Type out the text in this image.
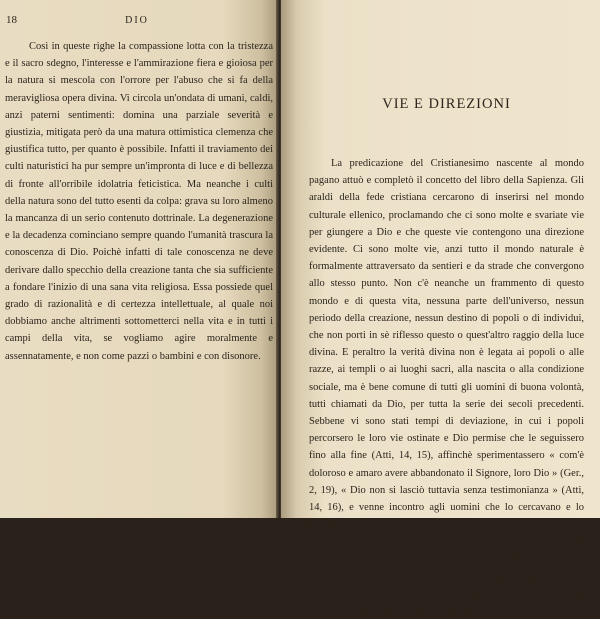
18	DIO

Così in queste righe la compassione lotta con la tristezza e il sacro sdegno, l'interesse e l'ammirazione fiera e gioiosa per la natura si mescola con l'orrore per l'abuso che si fa della meravigliosa opera divina. Vi circola un'ondata di umani, caldi, anzi paterni sentimenti: domina una parziale severità e giustizia, mitigata però da una matura ottimistica clemenza che giustifica tutto, per quanto è possibile. Infatti il traviamento dei culti naturistici ha pur sempre un'impronta di luce e di bellezza di fronte all'orribile idolatria feticistica. Ma neanche i culti della natura sono del tutto esenti da colpa: grava su loro almeno la mancanza di un serio contenuto dottrinale. La degenerazione e la decadenza cominciano sempre quando l'umanità trascura la conoscenza di Dio. Poichè infatti di tale conoscenza ne deve derivare dallo specchio della creazione tanta che sia sufficiente a fondare l'inizio di una sana vita religiosa. Essa possiede quel grado di razionalità e di certezza intellettuale, al quale noi dobbiamo anche altrimenti sottometterci nella vita e in tutti i campi della vita, se vogliamo agire moralmente e assennatamente, e non come pazzi o bambini e con disonore.

VIE E DIREZIONI

La predicazione del Cristianesimo nascente al mondo pagano attuò e completò il concetto del libro della Sapienza. Gli araldi della fede cristiana cercarono di inserirsi nel mondo culturale ellenico, proclamando che ci sono molte e svariate vie per giungere a Dio e che queste vie contengono una direzione evidente. Ci sono molte vie, anzi tutto il mondo naturale è formalmente attraversato da sentieri e da strade che convergono allo stesso punto. Non c'è neanche un frammento di questo mondo e di questa vita, nessuna parte dell'universo, nessun periodo della creazione, nessun destino di popoli o di individui, che non porti in sè riflesso questo o quest'altro raggio della luce divina. E peraltro la verità divina non è legata ai popoli o alle razze, ai templi o ai luoghi sacri, alla nascita o alla condizione sociale, ma è bene comune di tutti gli uomini di buona volontà, tutti chiamati da Dio, per tutta la serie dei secoli precedenti. Sebbene vi sono stati tempi di deviazione, in cui i popoli percorsero le loro vie ostinate e Dio permise che le seguissero fino alla fine (Atti, 14, 15), affinchè sperimentassero « com'è doloroso e amaro avere abbandonato il Signore, loro Dio » (Ger., 2, 19), « Dio non si lasciò tuttavia senza testimonianza » (Atti, 14, 16), e venne incontro agli uomini che lo cercavano e lo invocavano.

E perciò si può dire veramente che esistono delle direzioni e che le vie di questo mondo tendono letteralmente a Dio. C'è in questa via come un binario misterioso, quasi un'inclinazione, un'attrazione in un determinato senso, un impulso che travaglia il mondo dal principio alla fine. E questa via è tale che non vuole
